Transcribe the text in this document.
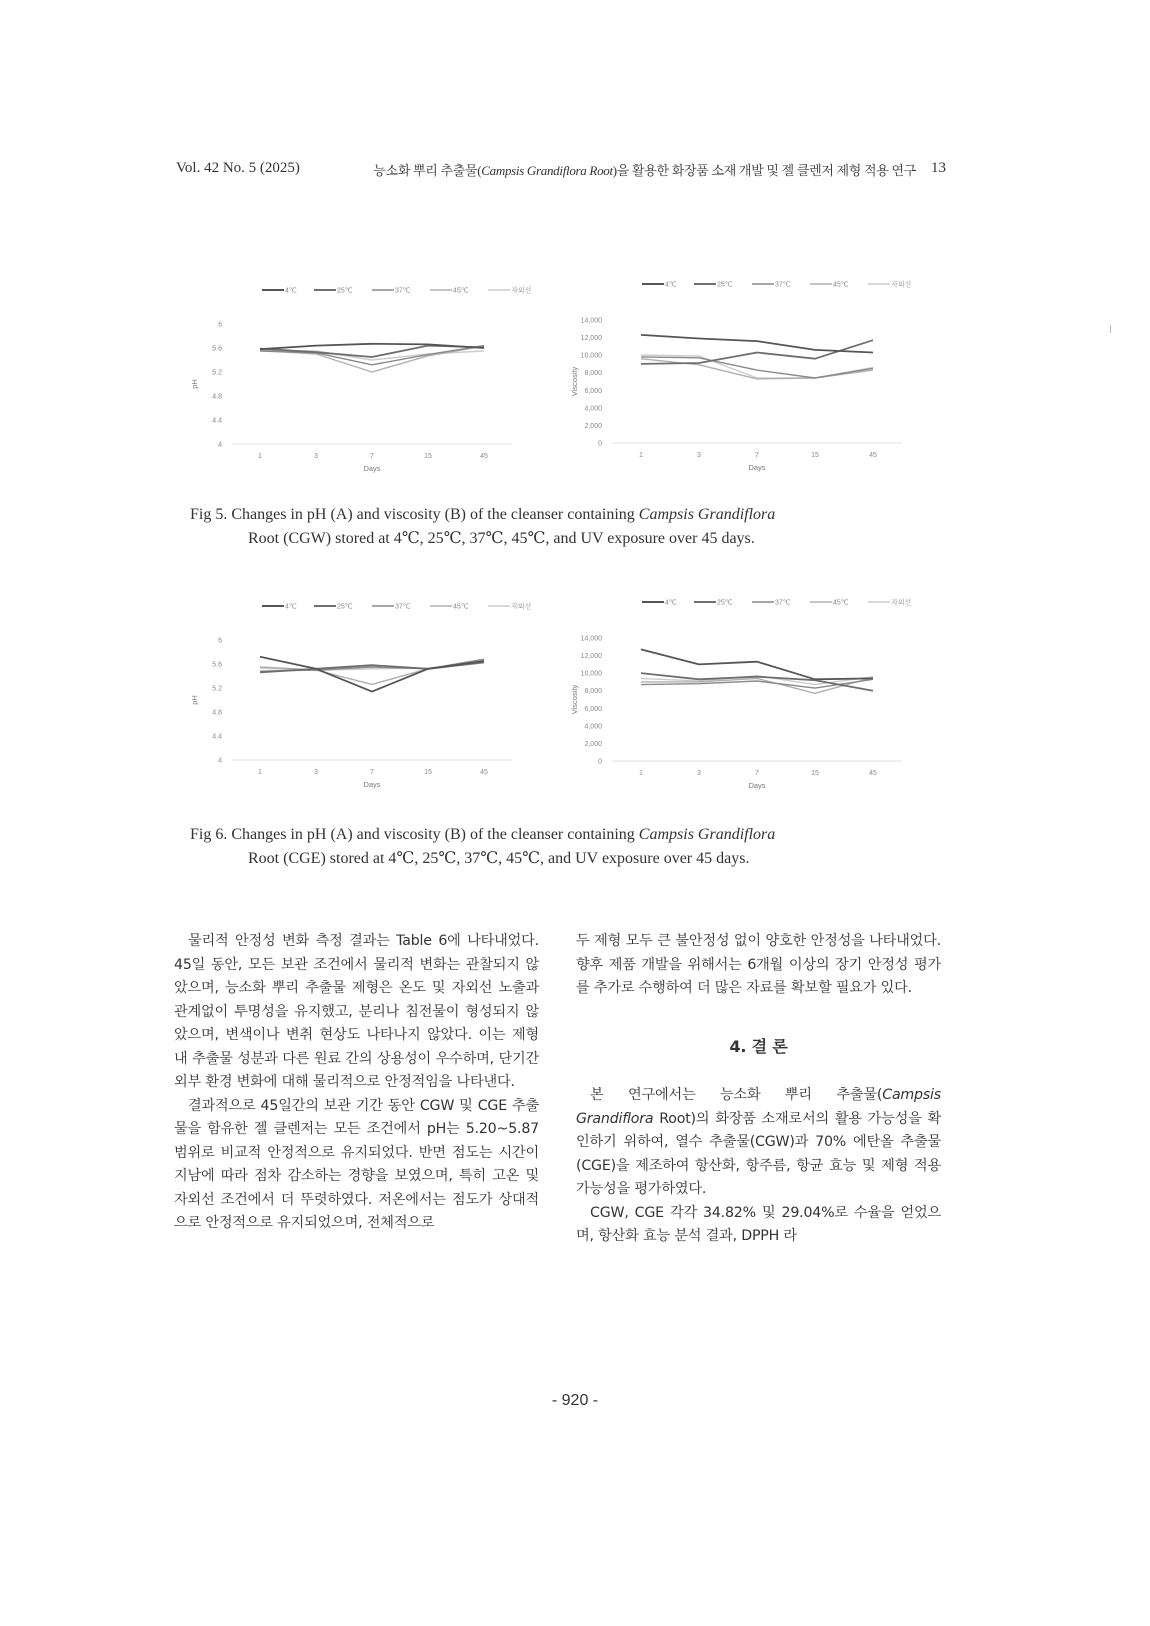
Vol. 42 No. 5 (2025)	능소화 뿌리 추출물(Campsis Grandiflora Root)을 활용한 화장품 소재 개발 및 젤 클렌저 제형 적용 연구 13
4℃	25℃	37℃	45℃	자외선
4
4.4
4.8
5.2
5.6
6
1	3	7	15	45
Days
pH
4℃	25℃	37℃	45℃	자외선
0
2,000
4,000
6,000
8,000
10,000
12,000
14,000
1	3	7	15	45
Days
Viscosity
Fig 5. Changes in pH (A) and viscosity (B) of the cleanser containing Campsis Grandiflora
Root (CGW) stored at 4℃, 25℃, 37℃, 45℃, and UV exposure over 45 days.
4℃	25℃	37℃	45℃	자외선
4
4.4
4.8
5.2
5.6
6
1	3	7	15	45
Days
pH
4℃	25℃	37℃	45℃	자외선
0
2,000
4,000
6,000
8,000
10,000
12,000
14,000
1	3	7	15	45
Days
Viscosity
Fig 6. Changes in pH (A) and viscosity (B) of the cleanser containing Campsis Grandiflora
Root (CGE) stored at 4℃, 25℃, 37℃, 45℃, and UV exposure over 45 days.

물리적 안정성 변화 측정 결과는 Table 6에 나타내었다. 45일 동안, 모든 보관 조건에서 물리적 변화는 관찰되지 않았으며, 능소화 뿌리 추출물 제형은 온도 및 자외선 노출과 관계없이 투명성을 유지했고, 분리나 침전물이 형성되지 않았으며, 변색이나 변취 현상도 나타나지 않았다. 이는 제형 내 추출물 성분과 다른 원료 간의 상용성이 우수하며, 단기간 외부 환경 변화에 대해 물리적으로 안정적임을 나타낸다.

결과적으로 45일간의 보관 기간 동안 CGW 및 CGE 추출물을 함유한 젤 클렌저는 모든 조건에서 pH는 5.20~5.87 범위로 비교적 안정적으로 유지되었다. 반면 점도는 시간이 지남에 따라 점차 감소하는 경향을 보였으며, 특히 고온 및 자외선 조건에서 더 뚜렷하였다. 저온에서는 점도가 상대적으로 안정적으로 유지되었으며, 전체적으로

두 제형 모두 큰 불안정성 없이 양호한 안정성을 나타내었다. 향후 제품 개발을 위해서는 6개월 이상의 장기 안정성 평가를 추가로 수행하여 더 많은 자료를 확보할 필요가 있다.

4. 결 론

본 연구에서는 능소화 뿌리 추출물(Campsis Grandiflora Root)의 화장품 소재로서의 활용 가능성을 확인하기 위하여, 열수 추출물(CGW)과 70% 에탄올 추출물(CGE)을 제조하여 항산화, 항주름, 항균 효능 및 제형 적용 가능성을 평가하였다.

CGW, CGE 각각 34.82% 및 29.04%로 수율을 얻었으며, 항산화 효능 분석 결과, DPPH 라

- 920 -
